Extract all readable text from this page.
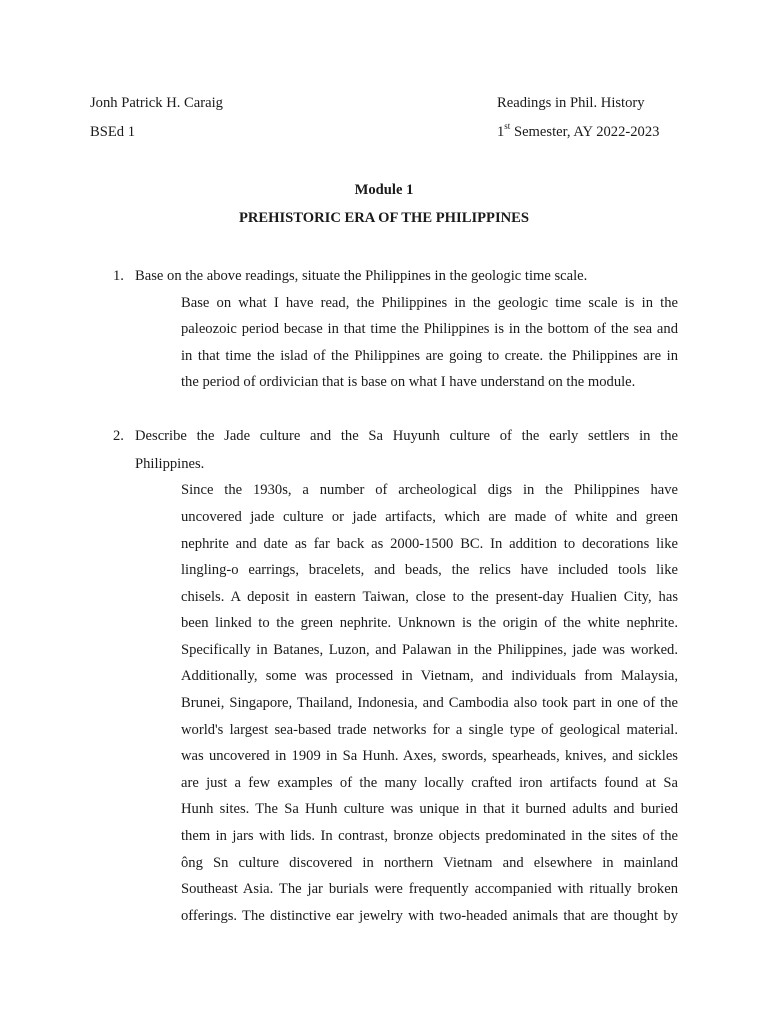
Jonh Patrick H. Caraig
BSEd 1
Readings in Phil. History
1st Semester, AY 2022-2023
Module 1
PREHISTORIC ERA OF THE PHILIPPINES
1. Base on the above readings, situate the Philippines in the geologic time scale.
Base on what I have read, the Philippines in the geologic time scale is in the
paleozoic period becase in that time the Philippines is in the bottom of the sea and
in that time the islad of the Philippines are going to create. the Philippines are in
the period of ordivician that is base on what I have understand on the module.
2. Describe the Jade culture and the Sa Huyunh culture of the early settlers in the
Philippines.
Since the 1930s, a number of archeological digs in the Philippines have
uncovered jade culture or jade artifacts, which are made of white and green
nephrite and date as far back as 2000-1500 BC. In addition to decorations like
lingling-o earrings, bracelets, and beads, the relics have included tools like
chisels. A deposit in eastern Taiwan, close to the present-day Hualien City, has
been linked to the green nephrite. Unknown is the origin of the white nephrite.
Specifically in Batanes, Luzon, and Palawan in the Philippines, jade was worked.
Additionally, some was processed in Vietnam, and individuals from Malaysia,
Brunei, Singapore, Thailand, Indonesia, and Cambodia also took part in one of the
world's largest sea-based trade networks for a single type of geological material.
was uncovered in 1909 in Sa Hunh. Axes, swords, spearheads, knives, and sickles
are just a few examples of the many locally crafted iron artifacts found at Sa
Hunh sites. The Sa Hunh culture was unique in that it burned adults and buried
them in jars with lids. In contrast, bronze objects predominated in the sites of the
ông Sn culture discovered in northern Vietnam and elsewhere in mainland
Southeast Asia. The jar burials were frequently accompanied with ritually broken
offerings. The distinctive ear jewelry with two-headed animals that are thought by
